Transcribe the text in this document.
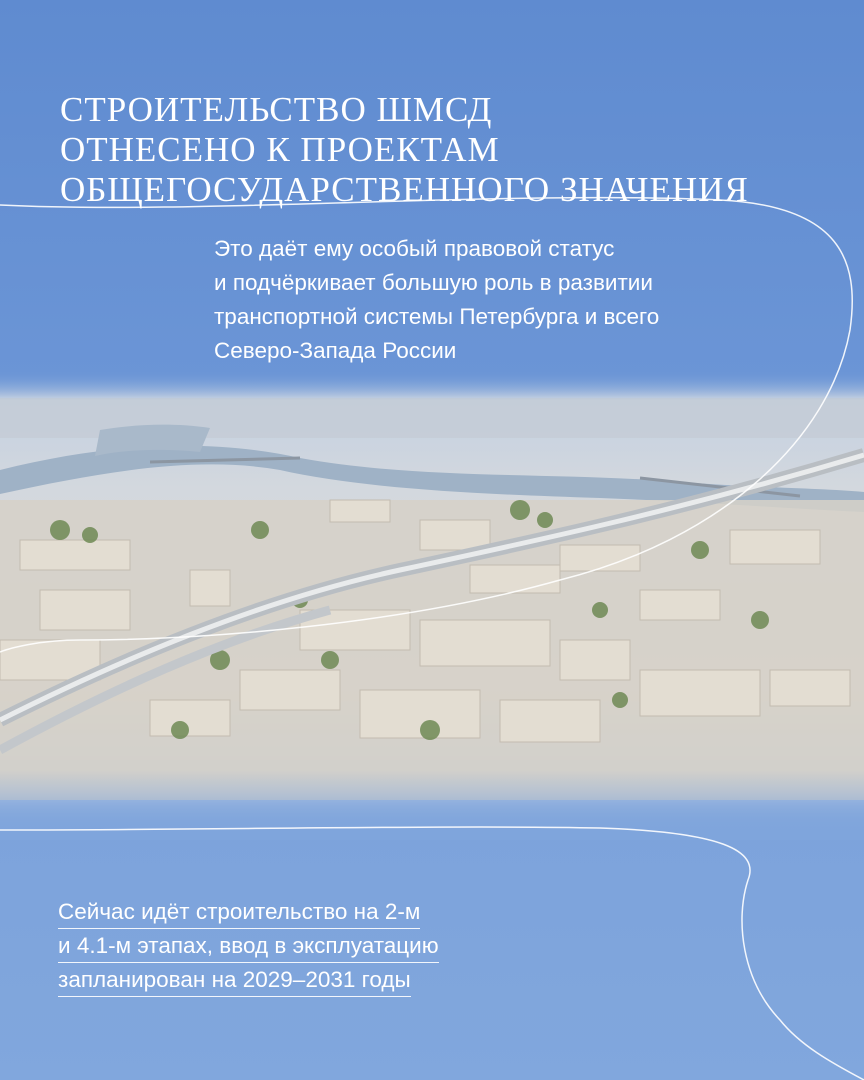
СТРОИТЕЛЬСТВО ШМСД
ОТНЕСЕНО К ПРОЕКТАМ
ОБЩЕГОСУДАРСТВЕННОГО ЗНАЧЕНИЯ

Это даёт ему особый правовой статус
и подчёркивает большую роль в развитии
транспортной системы Петербурга и всего
Северо-Запада России

Сейчас идёт строительство на 2-м
и 4.1-м этапах, ввод в эксплуатацию
запланирован на 2029–2031 годы
